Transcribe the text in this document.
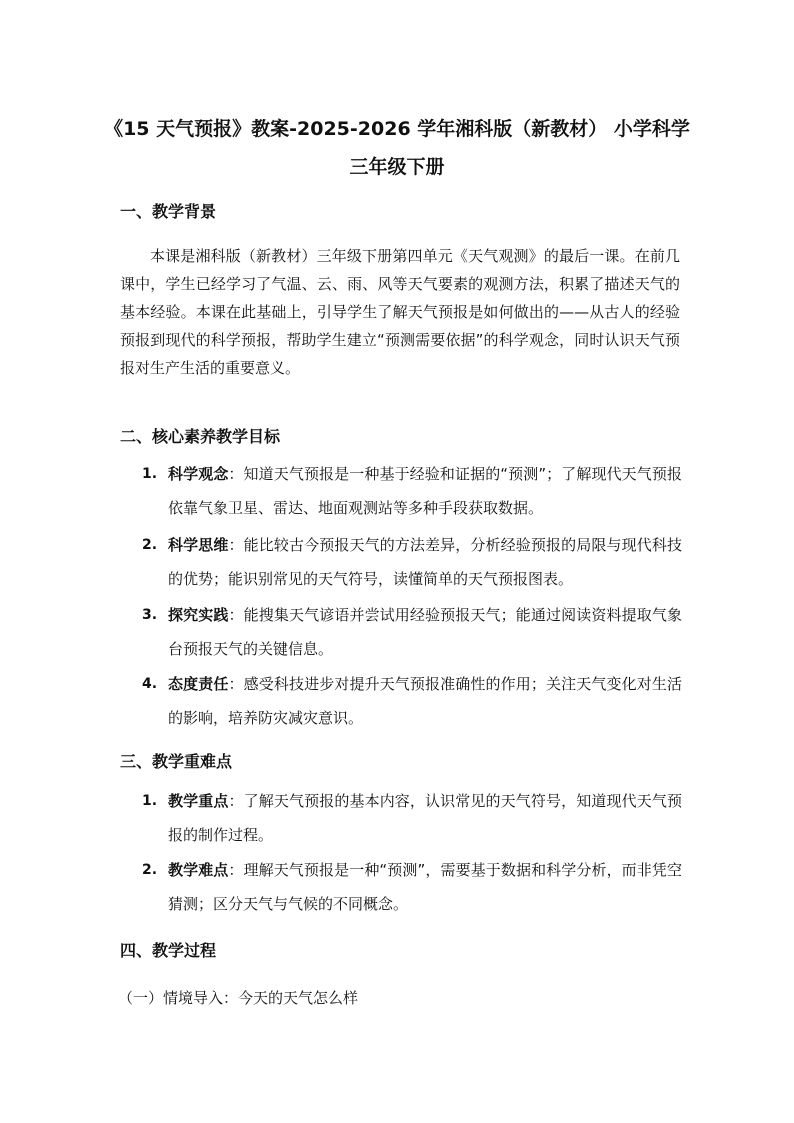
《15 天气预报》教案-2025-2026 学年湘科版（新教材） 小学科学三年级下册
一、教学背景

本课是湘科版（新教材）三年级下册第四单元《天气观测》的最后一课。在前几课中，学生已经学习了气温、云、雨、风等天气要素的观测方法，积累了描述天气的基本经验。本课在此基础上，引导学生了解天气预报是如何做出的——从古人的经验预报到现代的科学预报，帮助学生建立“预测需要依据”的科学观念，同时认识天气预报对生产生活的重要意义。

二、核心素养教学目标
1. 科学观念：知道天气预报是一种基于经验和证据的“预测”；了解现代天气预报依靠气象卫星、雷达、地面观测站等多种手段获取数据。
2. 科学思维：能比较古今预报天气的方法差异，分析经验预报的局限与现代科技的优势；能识别常见的天气符号，读懂简单的天气预报图表。
3. 探究实践：能搜集天气谚语并尝试用经验预报天气；能通过阅读资料提取气象台预报天气的关键信息。
4. 态度责任：感受科技进步对提升天气预报准确性的作用；关注天气变化对生活的影响，培养防灾减灾意识。
三、教学重难点
1. 教学重点：了解天气预报的基本内容，认识常见的天气符号，知道现代天气预报的制作过程。
2. 教学难点：理解天气预报是一种“预测”，需要基于数据和科学分析，而非凭空猜测；区分天气与气候的不同概念。
四、教学过程

（一）情境导入：今天的天气怎么样
